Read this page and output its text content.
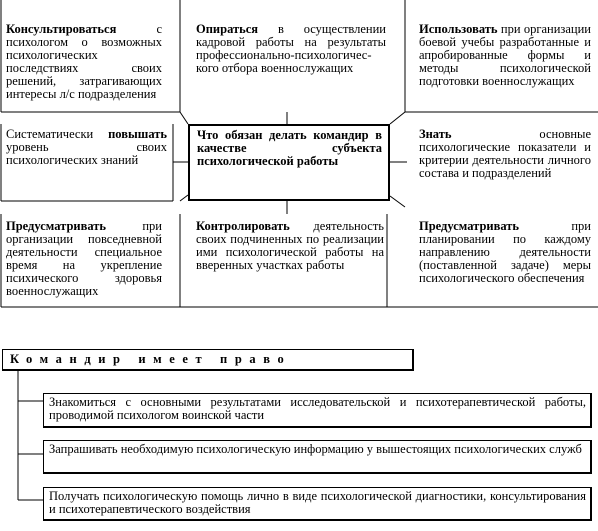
Консультироваться с психологом о возможных психологических последствиях своих решений, затрагивающих интересы л/с подразделения
Опираться в осуществлении кадровой работы на результаты профессионально-психологичес-кого отбора военнослужащих
Использовать при организации боевой учебы разработанные и апробированные формы и методы психологической подготовки военнослужащих
Систематически повышать уровень своих психологических знаний
Что обязан делать командир в качестве субъекта психологической работы
Знать основные психологические показатели и критерии деятельности личного состава и подразделений
Предусматривать при организации повседневной деятельности специальное время на укрепление психического здоровья военнослужащих
Контролировать деятельность своих подчиненных по реализации ими психологической работы на вверенных участках работы
Предусматривать при планировании по каждому направлению деятельности (поставленной задаче) меры психологического обеспечения
Командир имеет право
Знакомиться с основными результатами исследовательской и психотерапевтической работы, проводимой психологом воинской части
Запрашивать необходимую психологическую информацию у вышестоящих психологических служб
Получать психологическую помощь лично в виде психологической диагностики, консультирования и психотерапевтического воздействия
